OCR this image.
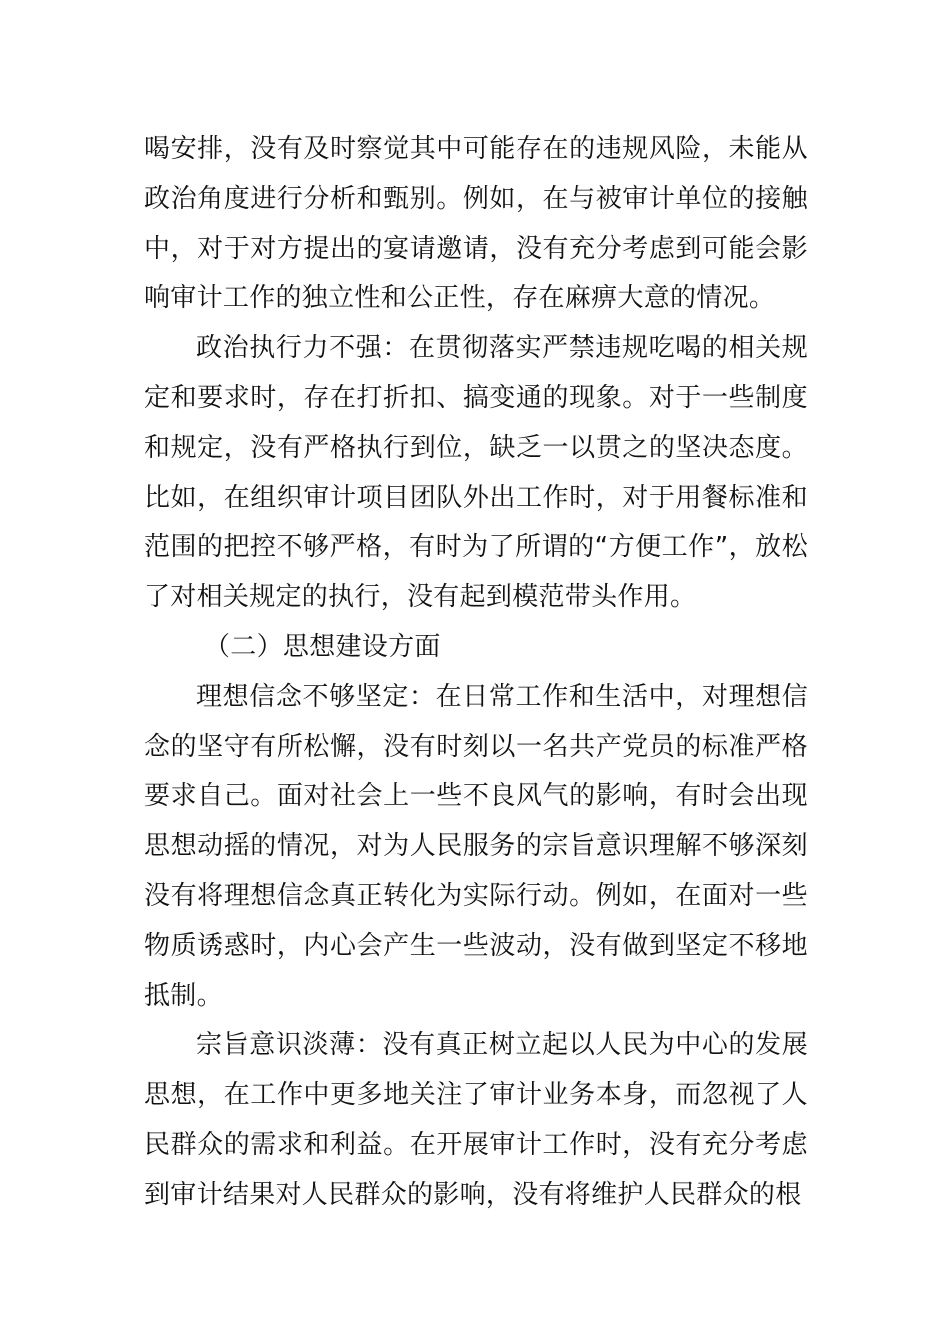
喝安排，没有及时察觉其中可能存在的违规风险，未能从政治角度进行分析和甄别。例如，在与被审计单位的接触中，对于对方提出的宴请邀请，没有充分考虑到可能会影响审计工作的独立性和公正性，存在麻痹大意的情况。

政治执行力不强：在贯彻落实严禁违规吃喝的相关规定和要求时，存在打折扣、搞变通的现象。对于一些制度和规定，没有严格执行到位，缺乏一以贯之的坚决态度。比如，在组织审计项目团队外出工作时，对于用餐标准和范围的把控不够严格，有时为了所谓的“方便工作”，放松了对相关规定的执行，没有起到模范带头作用。

（二）思想建设方面

理想信念不够坚定：在日常工作和生活中，对理想信念的坚守有所松懈，没有时刻以一名共产党员的标准严格要求自己。面对社会上一些不良风气的影响，有时会出现思想动摇的情况，对为人民服务的宗旨意识理解不够深刻没有将理想信念真正转化为实际行动。例如，在面对一些物质诱惑时，内心会产生一些波动，没有做到坚定不移地抵制。

宗旨意识淡薄：没有真正树立起以人民为中心的发展思想，在工作中更多地关注了审计业务本身，而忽视了人民群众的需求和利益。在开展审计工作时，没有充分考虑到审计结果对人民群众的影响，没有将维护人民群众的根
